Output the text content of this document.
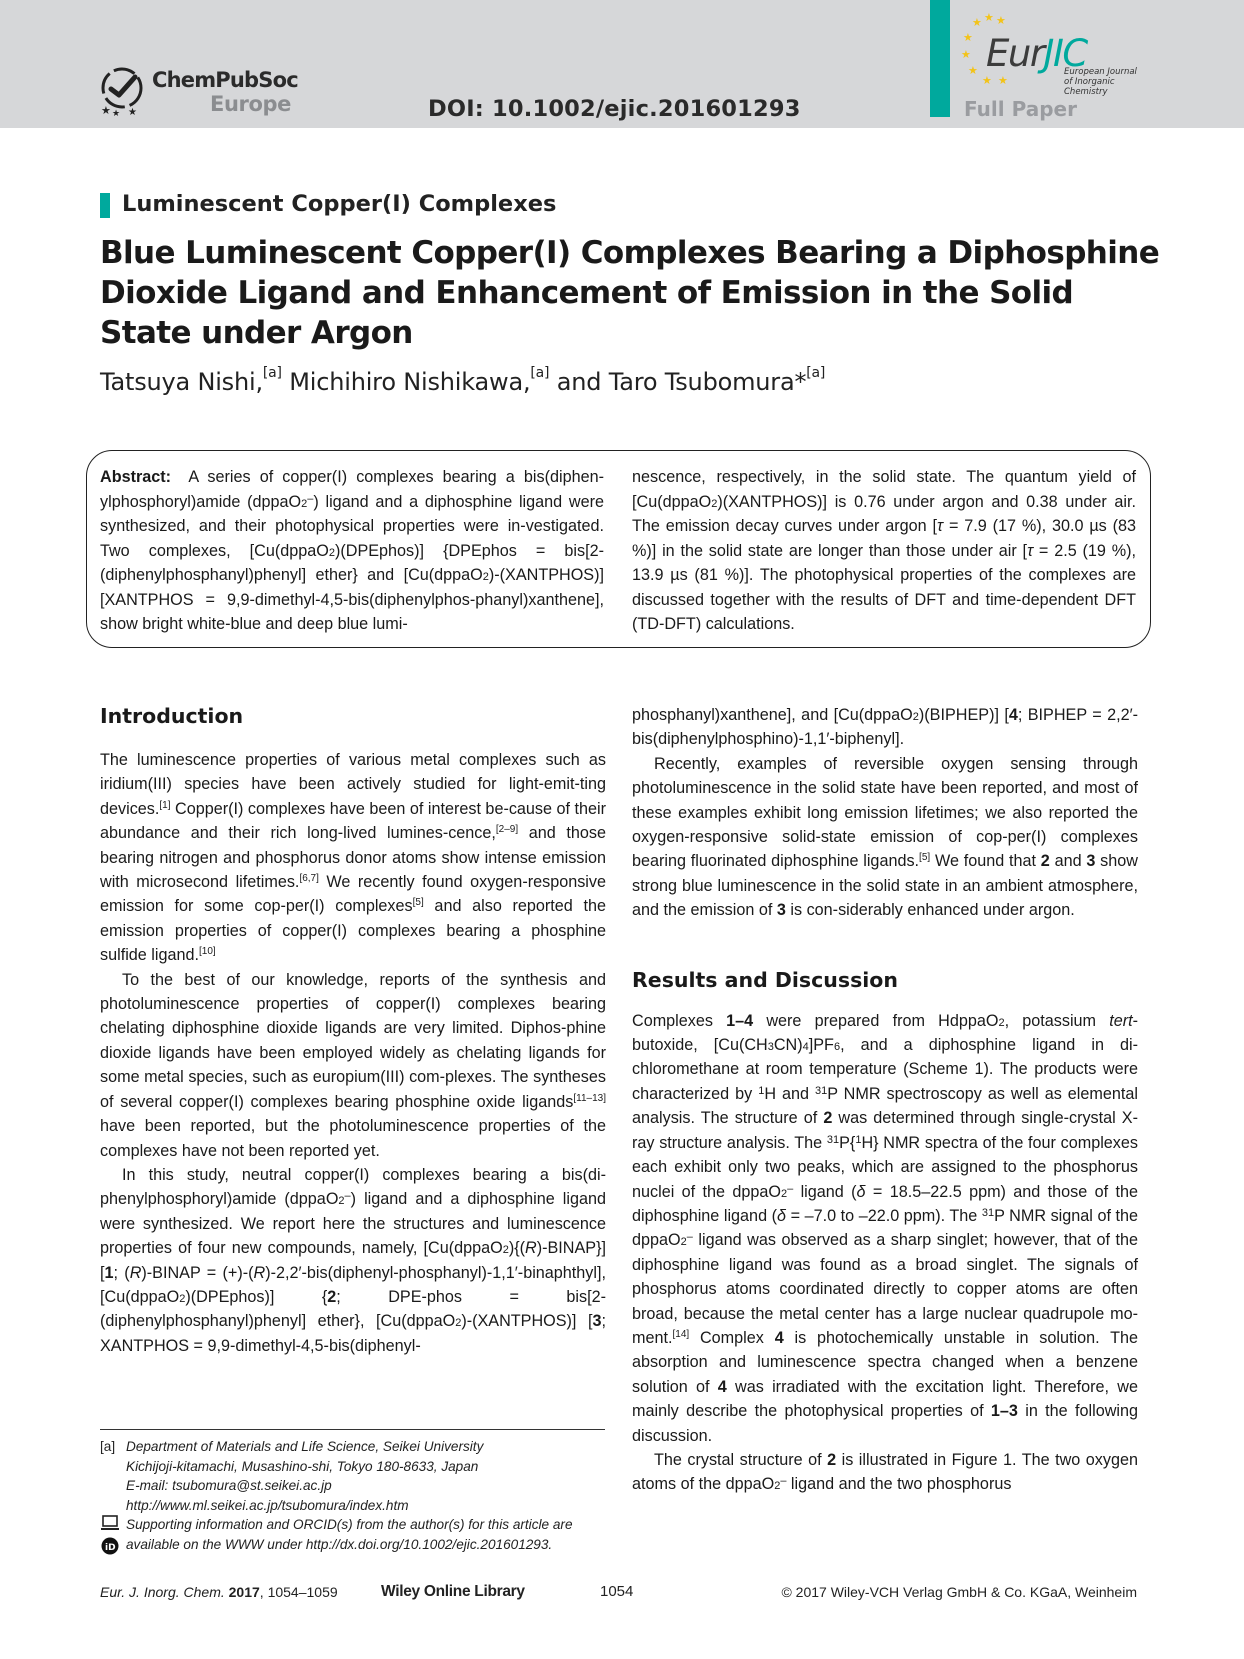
★ ★ ★
ChemPubSoc
Europe	DOI: 10.1002/ejic.201601293
★ ★ ★
★
★
★
★ ★
EurJIC
European Journal
of Inorganic Chemistry
Full Paper
Luminescent Copper(I) Complexes
Blue Luminescent Copper(I) Complexes Bearing a Diphosphine Dioxide Ligand and Enhancement of Emission in the Solid State under Argon
Tatsuya Nishi,[a] Michihiro Nishikawa,[a] and Taro Tsubomura*[a]

Abstract: A series of copper(I) complexes bearing a bis(diphen-ylphosphoryl)amide (dppaO2–) ligand and a diphosphine ligand were synthesized, and their photophysical properties were in-vestigated. Two complexes, [Cu(dppaO2)(DPEphos)] {DPEphos = bis[2-(diphenylphosphanyl)phenyl] ether} and [Cu(dppaO2)-(XANTPHOS)] [XANTPHOS = 9,9-dimethyl-4,5-bis(diphenylphos-phanyl)xanthene], show bright white-blue and deep blue lumi-

nescence, respectively, in the solid state. The quantum yield of [Cu(dppaO2)(XANTPHOS)] is 0.76 under argon and 0.38 under air. The emission decay curves under argon [τ = 7.9 (17 %), 30.0 µs (83 %)] in the solid state are longer than those under air [τ = 2.5 (19 %), 13.9 µs (81 %)]. The photophysical properties of the complexes are discussed together with the results of DFT and time-dependent DFT (TD-DFT) calculations.

Introduction

The luminescence properties of various metal complexes such as iridium(III) species have been actively studied for light-emit-ting devices.[1] Copper(I) complexes have been of interest be-cause of their abundance and their rich long-lived lumines-cence,[2–9] and those bearing nitrogen and phosphorus donor atoms show intense emission with microsecond lifetimes.[6,7] We recently found oxygen-responsive emission for some cop-per(I) complexes[5] and also reported the emission properties of copper(I) complexes bearing a phosphine sulfide ligand.[10]

To the best of our knowledge, reports of the synthesis and photoluminescence properties of copper(I) complexes bearing chelating diphosphine dioxide ligands are very limited. Diphos-phine dioxide ligands have been employed widely as chelating ligands for some metal species, such as europium(III) com-plexes. The syntheses of several copper(I) complexes bearing phosphine oxide ligands[11–13] have been reported, but the photoluminescence properties of the complexes have not been reported yet.

In this study, neutral copper(I) complexes bearing a bis(di-phenylphosphoryl)amide (dppaO2–) ligand and a diphosphine ligand were synthesized. We report here the structures and luminescence properties of four new compounds, namely, [Cu(dppaO2){(R)-BINAP}] [1; (R)-BINAP = (+)-(R)-2,2′-bis(diphenyl-phosphanyl)-1,1′-binaphthyl], [Cu(dppaO2)(DPEphos)] {2; DPE-phos = bis[2-(diphenylphosphanyl)phenyl] ether}, [Cu(dppaO2)-(XANTPHOS)] [3; XANTPHOS = 9,9-dimethyl-4,5-bis(diphenyl-

phosphanyl)xanthene], and [Cu(dppaO2)(BIPHEP)] [4; BIPHEP = 2,2′-bis(diphenylphosphino)-1,1′-biphenyl].

Recently, examples of reversible oxygen sensing through photoluminescence in the solid state have been reported, and most of these examples exhibit long emission lifetimes; we also reported the oxygen-responsive solid-state emission of cop-per(I) complexes bearing fluorinated diphosphine ligands.[5] We found that 2 and 3 show strong blue luminescence in the solid state in an ambient atmosphere, and the emission of 3 is con-siderably enhanced under argon.

Results and Discussion

Complexes 1–4 were prepared from HdppaO2, potassium tert-butoxide, [Cu(CH3CN)4]PF6, and a diphosphine ligand in di-chloromethane at room temperature (Scheme 1). The products were characterized by $^1$H and $^{31}$P NMR spectroscopy as well as elemental analysis. The structure of 2 was determined through single-crystal X-ray structure analysis. The $^{31}$P{$^1$H} NMR spectra of the four complexes each exhibit only two peaks, which are assigned to the phosphorus nuclei of the dppaO2– ligand (δ = 18.5–22.5 ppm) and those of the diphosphine ligand (δ = –7.0 to –22.0 ppm). The $^{31}$P NMR signal of the dppaO2– ligand was observed as a sharp singlet; however, that of the diphosphine ligand was found as a broad singlet. The signals of phosphorus atoms coordinated directly to copper atoms are often broad, because the metal center has a large nuclear quadrupole mo-ment.[14] Complex 4 is photochemically unstable in solution. The absorption and luminescence spectra changed when a benzene solution of 4 was irradiated with the excitation light. Therefore, we mainly describe the photophysical properties of 1–3 in the following discussion.

The crystal structure of 2 is illustrated in Figure 1. The two oxygen atoms of the dppaO2– ligand and the two phosphorus

[a] Department of Materials and Life Science, Seikei University
Kichijoji-kitamachi, Musashino-shi, Tokyo 180-8633, Japan
E-mail: tsubomura@st.seikei.ac.jp
http://www.ml.seikei.ac.jp/tsubomura/index.htm
Supporting information and ORCID(s) from the author(s) for this article are
available on the WWW under http://dx.doi.org/10.1002/ejic.201601293.
iD
Eur. J. Inorg. Chem. 2017, 1054–1059	Wiley Online Library	1054	© 2017 Wiley-VCH Verlag GmbH & Co. KGaA, Weinheim
